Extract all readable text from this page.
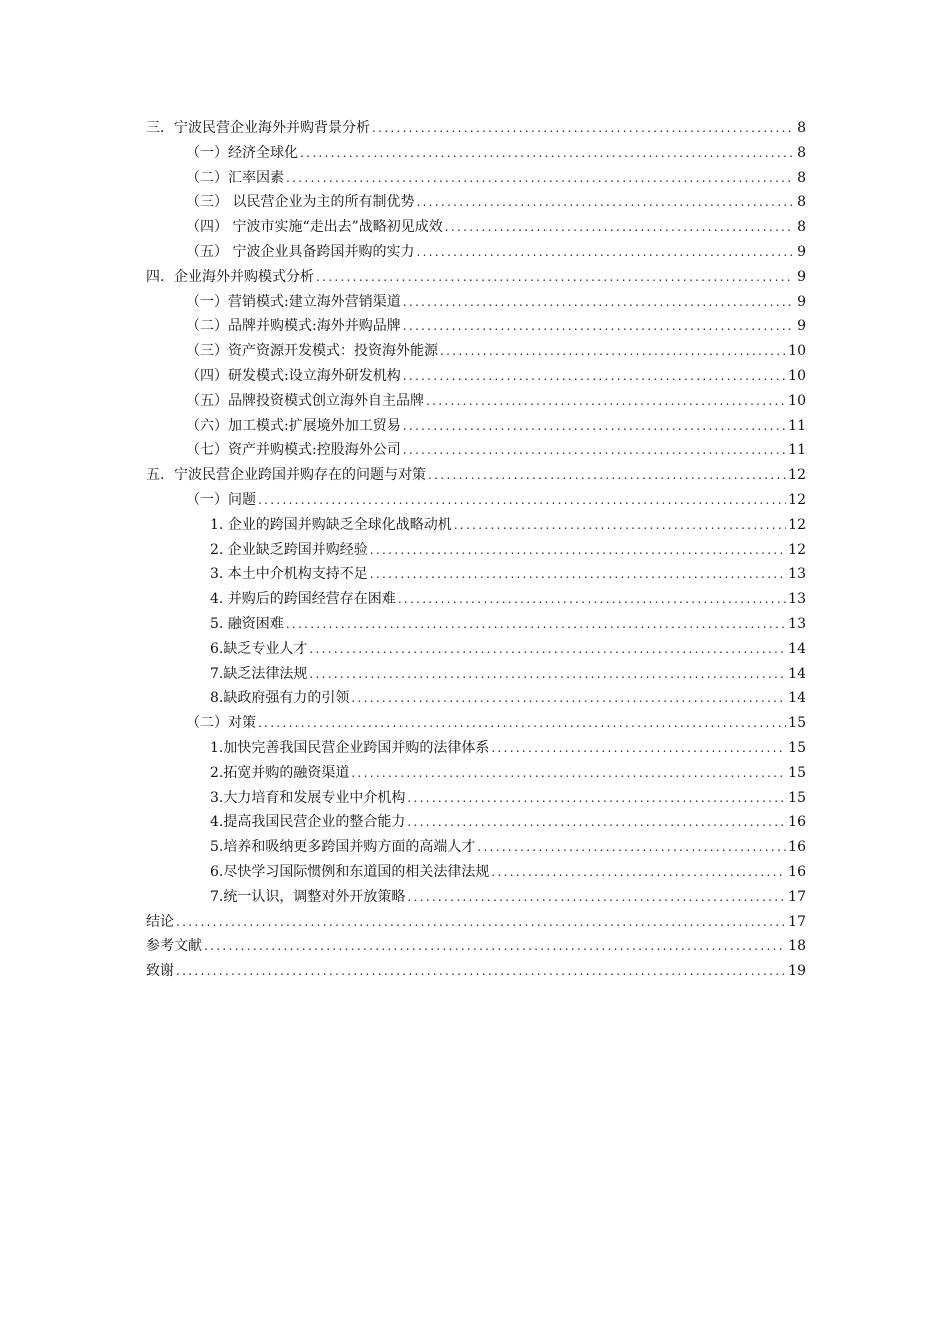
三．宁波民营企业海外并购背景分析 .....	8
（一）经济全球化 .....	8
（二）汇率因素 .....	8
（三） 以民营企业为主的所有制优势 .....	8
（四） 宁波市实施“走出去”战略初见成效 .....	8
（五） 宁波企业具备跨国并购的实力 .....	9
四．企业海外并购模式分析 .....	9
（一）营销模式:建立海外营销渠道 .....	9
（二）品牌并购模式:海外并购品牌 .....	9
（三）资产资源开发模式：投资海外能源 .....	10
（四）研发模式:设立海外研发机构 .....	10
（五）品牌投资模式创立海外自主品牌 .....	10
（六）加工模式:扩展境外加工贸易 .....	11
（七）资产并购模式:控股海外公司 .....	11
五．宁波民营企业跨国并购存在的问题与对策 .....	12
（一）问题 .....	12
1. 企业的跨国并购缺乏全球化战略动机 .....	12
2. 企业缺乏跨国并购经验 .....	12
3. 本土中介机构支持不足 .....	13
4. 并购后的跨国经营存在困难 .....	13
5. 融资困难 .....	13
6.缺乏专业人才 .....	14
7.缺乏法律法规 .....	14
8.缺政府强有力的引领 .....	14
（二）对策 .....	15
1.加快完善我国民营企业跨国并购的法律体系 .....	15
2.拓宽并购的融资渠道 .....	15
3.大力培育和发展专业中介机构 .....	15
4.提高我国民营企业的整合能力 .....	16
5.培养和吸纳更多跨国并购方面的高端人才 .....	16
6.尽快学习国际惯例和东道国的相关法律法规 .....	16
7.统一认识，调整对外开放策略 .....	17
结论 .....	17
参考文献 .....	18
致谢 .....	19
